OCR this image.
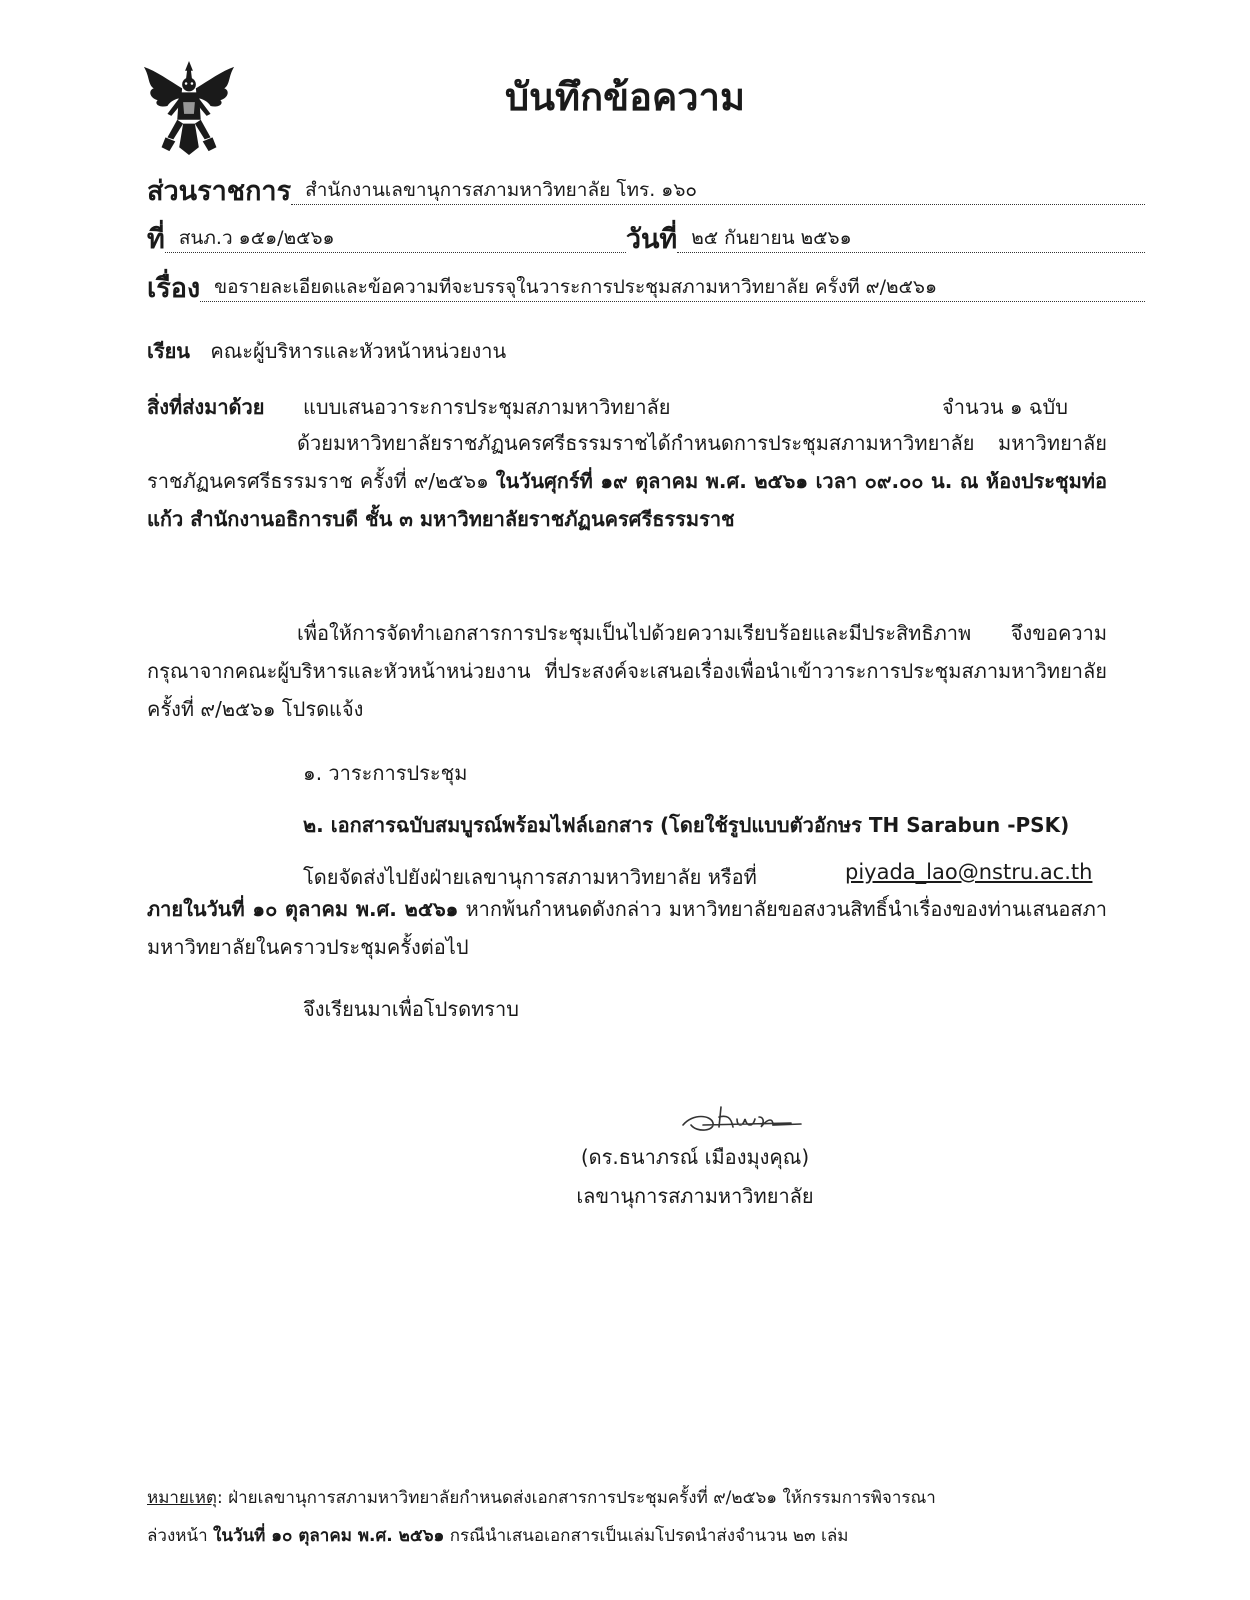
บันทึกข้อความ
ส่วนราชการ สำนักงานเลขานุการสภามหาวิทยาลัย โทร. ๑๖๐
ที่ สนภ.ว ๑๕๑/๒๕๖๑	วันที่ ๒๕ กันยายน ๒๕๖๑
เรื่อง ขอรายละเอียดและข้อความที่จะบรรจุในวาระการประชุมสภามหาวิทยาลัย ครั้งที่ ๙/๒๕๖๑
เรียน คณะผู้บริหารและหัวหน้าหน่วยงาน
สิ่งที่ส่งมาด้วย แบบเสนอวาระการประชุมสภามหาวิทยาลัย	จำนวน ๑ ฉบับ

ด้วยมหาวิทยาลัยราชภัฏนครศรีธรรมราชได้กำหนดการประชุมสภามหาวิทยาลัย มหาวิทยาลัยราชภัฏนครศรีธรรมราช ครั้งที่ ๙/๒๕๖๑ ในวันศุกร์ที่ ๑๙ ตุลาคม พ.ศ. ๒๕๖๑ เวลา ๐๙.๐๐ น. ณ ห้องประชุมท่อแก้ว สำนักงานอธิการบดี ชั้น ๓ มหาวิทยาลัยราชภัฏนครศรีธรรมราช

เพื่อให้การจัดทำเอกสารการประชุมเป็นไปด้วยความเรียบร้อยและมีประสิทธิภาพ จึงขอความกรุณาจากคณะผู้บริหารและหัวหน้าหน่วยงาน ที่ประสงค์จะเสนอเรื่องเพื่อนำเข้าวาระการประชุมสภามหาวิทยาลัย ครั้งที่ ๙/๒๕๖๑ โปรดแจ้ง

๑. วาระการประชุม
๒. เอกสารฉบับสมบูรณ์พร้อมไฟล์เอกสาร (โดยใช้รูปแบบตัวอักษร TH Sarabun -PSK)
โดยจัดส่งไปยังฝ่ายเลขานุการสภามหาวิทยาลัย หรือที่	piyada_lao@nstru.ac.th

ภายในวันที่ ๑๐ ตุลาคม พ.ศ. ๒๕๖๑ หากพ้นกำหนดดังกล่าว มหาวิทยาลัยขอสงวนสิทธิ์นำเรื่องของท่านเสนอสภามหาวิทยาลัยในคราวประชุมครั้งต่อไป

จึงเรียนมาเพื่อโปรดทราบ
(ดร.ธนาภรณ์ เมืองมุงคุณ)
เลขานุการสภามหาวิทยาลัย
หมายเหตุ: ฝ่ายเลขานุการสภามหาวิทยาลัยกำหนดส่งเอกสารการประชุมครั้งที่ ๙/๒๕๖๑ ให้กรรมการพิจารณา
ล่วงหน้า ในวันที่ ๑๐ ตุลาคม พ.ศ. ๒๕๖๑ กรณีนำเสนอเอกสารเป็นเล่มโปรดนำส่งจำนวน ๒๓ เล่ม
